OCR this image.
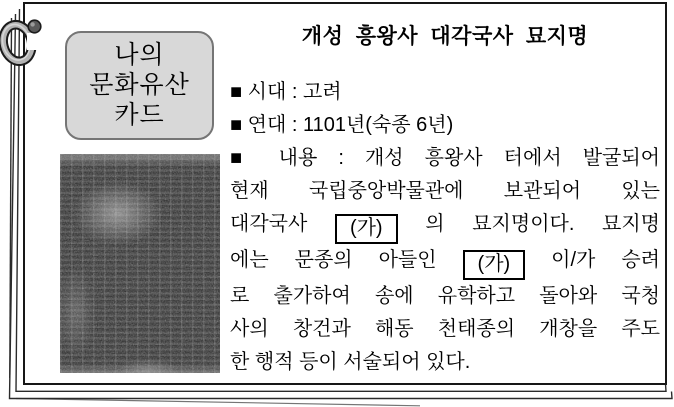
나의
문화유산
카드
개성 흥왕사 대각국사 묘지명
■ 시대 : 고려
■ 연대 : 1101년(숙종 6년)
■ 내용 : 개성 흥왕사 터에서 발굴되어
현재 국립중앙박물관에 보관되어 있는
대각국사 (가) 의 묘지명이다. 묘지명
에는 문종의 아들인 (가) 이/가 승려
로 출가하여 송에 유학하고 돌아와 국청
사의 창건과 해동 천태종의 개창을 주도
한 행적 등이 서술되어 있다.
